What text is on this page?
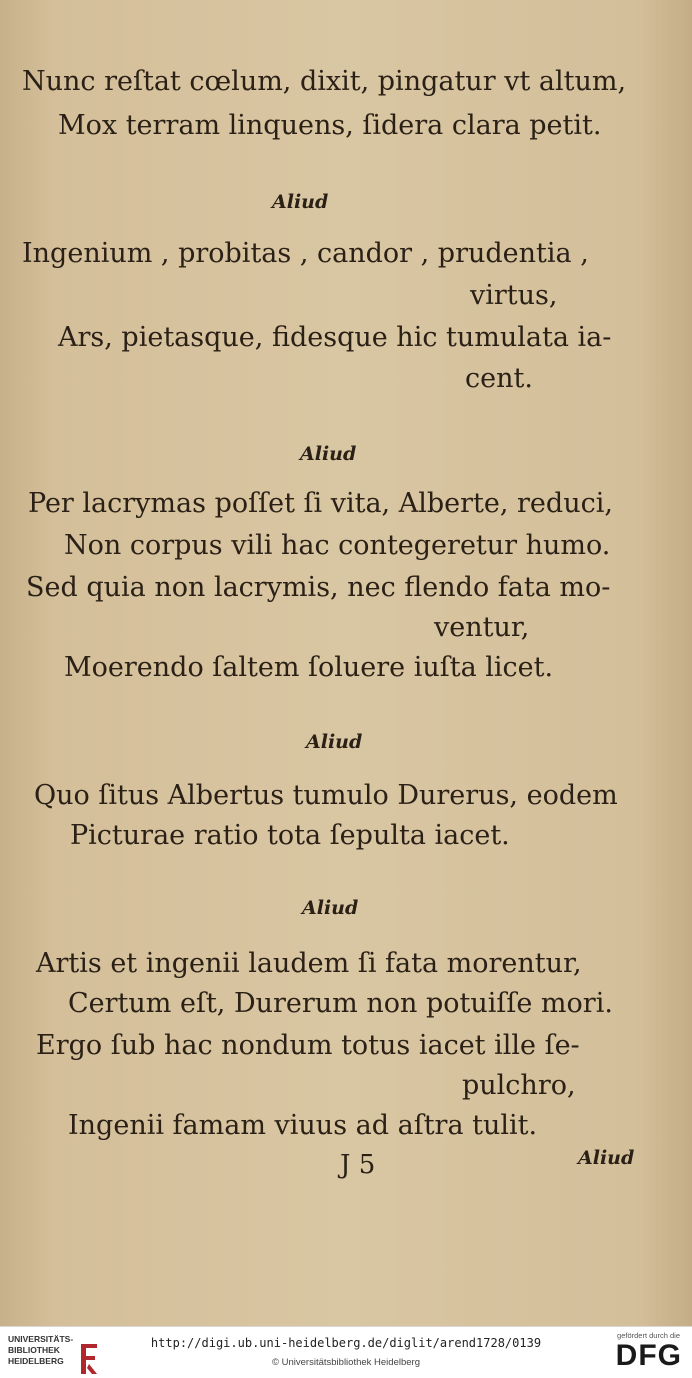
Nunc reſtat cœlum, dixit, pingatur vt altum,
Mox terram linquens, ſidera clara petit.
Aliud
Ingenium , probitas , candor , prudentia ,
virtus,
Ars, pietasque, fidesque hic tumulata ia-
cent.
Aliud
Per lacrymas poſſet ſi vita, Alberte, reduci,
Non corpus vili hac contegeretur humo.
Sed quia non lacrymis, nec flendo fata mo-
ventur,
Moerendo ſaltem ſoluere iuſta licet.
Aliud
Quo ſitus Albertus tumulo Durerus, eodem
Picturae ratio tota ſepulta iacet.
Aliud
Artis et ingenii laudem ſi fata morentur,
Certum eſt, Durerum non potuiſſe mori.
Ergo ſub hac nondum totus iacet ille ſe-
pulchro,
Ingenii famam viuus ad aſtra tulit.
J 5	Aliud
UNIVERSITÄTS-
BIBLIOTHEK
HEIDELBERG
http://digi.ub.uni-heidelberg.de/diglit/arend1728/0139
© Universitätsbibliothek Heidelberg
gefördert durch die
DFG
